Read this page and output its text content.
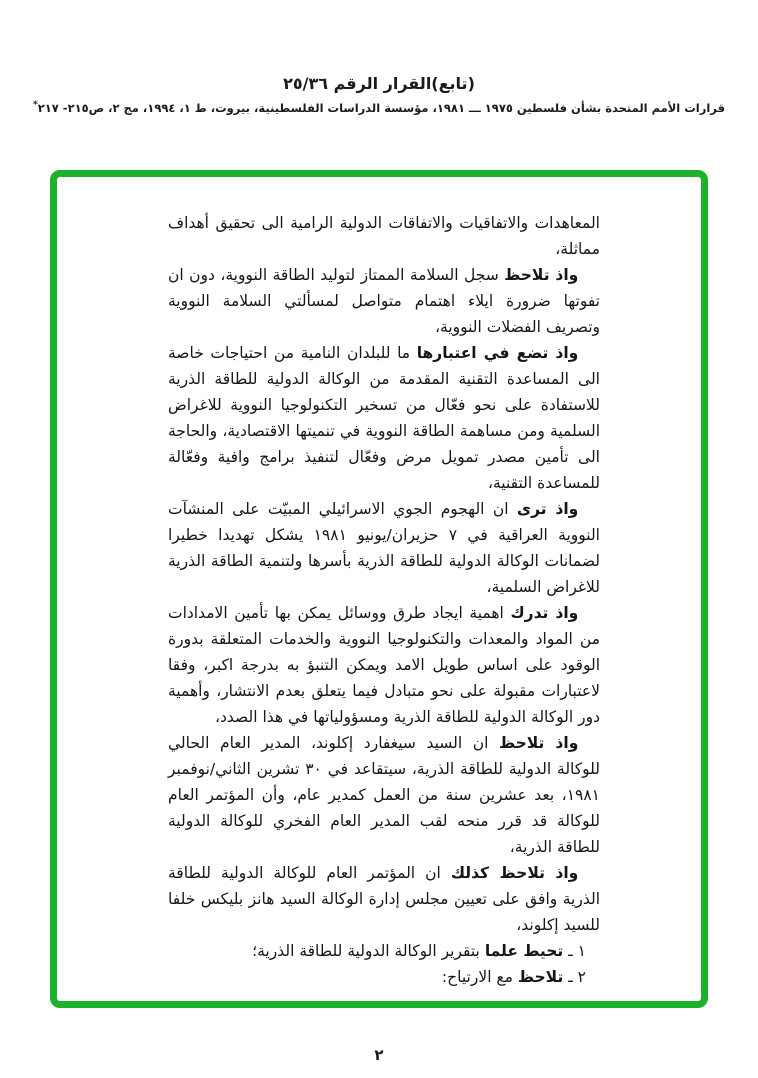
(تابع)القرار الرقم ٢٥/٣٦
قرارات الأمم المتحدة بشأن فلسطين ١٩٧٥ ـــ ١٩٨١، مؤسسة الدراسات الفلسطينية، بيروت، ط ١، ١٩٩٤، مج ٢، ص٢١٥- ٢١٧*

المعاهدات والاتفاقيات والاتفاقات الدولية الرامية الى تحقيق أهداف مماثلة،

واذ تلاحظ سجل السلامة الممتاز لتوليد الطاقة النووية، دون ان تفوتها ضرورة ايلاء اهتمام متواصل لمسألتي السلامة النووية وتصريف الفضلات النووية،

واذ تضع في اعتبارها ما للبلدان النامية من احتياجات خاصة الى المساعدة التقنية المقدمة من الوكالة الدولية للطاقة الذرية للاستفادة على نحو فعّال من تسخير التكنولوجيا النووية للاغراض السلمية ومن مساهمة الطاقة النووية في تنميتها الاقتصادية، والحاجة الى تأمين مصدر تمويل مرض وفعّال لتنفيذ برامج وافية وفعّالة للمساعدة التقنية،

واذ ترى ان الهجوم الجوي الاسرائيلي المبيّت على المنشآت النووية العراقية في ٧ حزيران/يونيو ١٩٨١ يشكل تهديدا خطيرا لضمانات الوكالة الدولية للطاقة الذرية بأسرها ولتنمية الطاقة الذرية للاغراض السلمية،

واذ تدرك اهمية ايجاد طرق ووسائل يمكن بها تأمين الامدادات من المواد والمعدات والتكنولوجيا النووية والخدمات المتعلقة بدورة الوقود على اساس طويل الامد ويمكن التنبؤ به بدرجة اكبر، وفقا لاعتبارات مقبولة على نحو متبادل فيما يتعلق بعدم الانتشار، وأهمية دور الوكالة الدولية للطاقة الذرية ومسؤولياتها في هذا الصدد،

واذ تلاحظ ان السيد سيغفارد إكلوند، المدير العام الحالي للوكالة الدولية للطاقة الذرية، سيتقاعد في ٣٠ تشرين الثاني/نوفمبر ١٩٨١، بعد عشرين سنة من العمل كمدير عام، وأن المؤتمر العام للوكالة قد قرر منحه لقب المدير العام الفخري للوكالة الدولية للطاقة الذرية،

واذ تلاحظ كذلك ان المؤتمر العام للوكالة الدولية للطاقة الذرية وافق على تعيين مجلس إدارة الوكالة السيد هانز بليكس خلفا للسيد إكلوند،

١ ـ تحيط علما بتقرير الوكالة الدولية للطاقة الذرية؛

٢ ـ تلاحظ مع الارتياح:

٢
